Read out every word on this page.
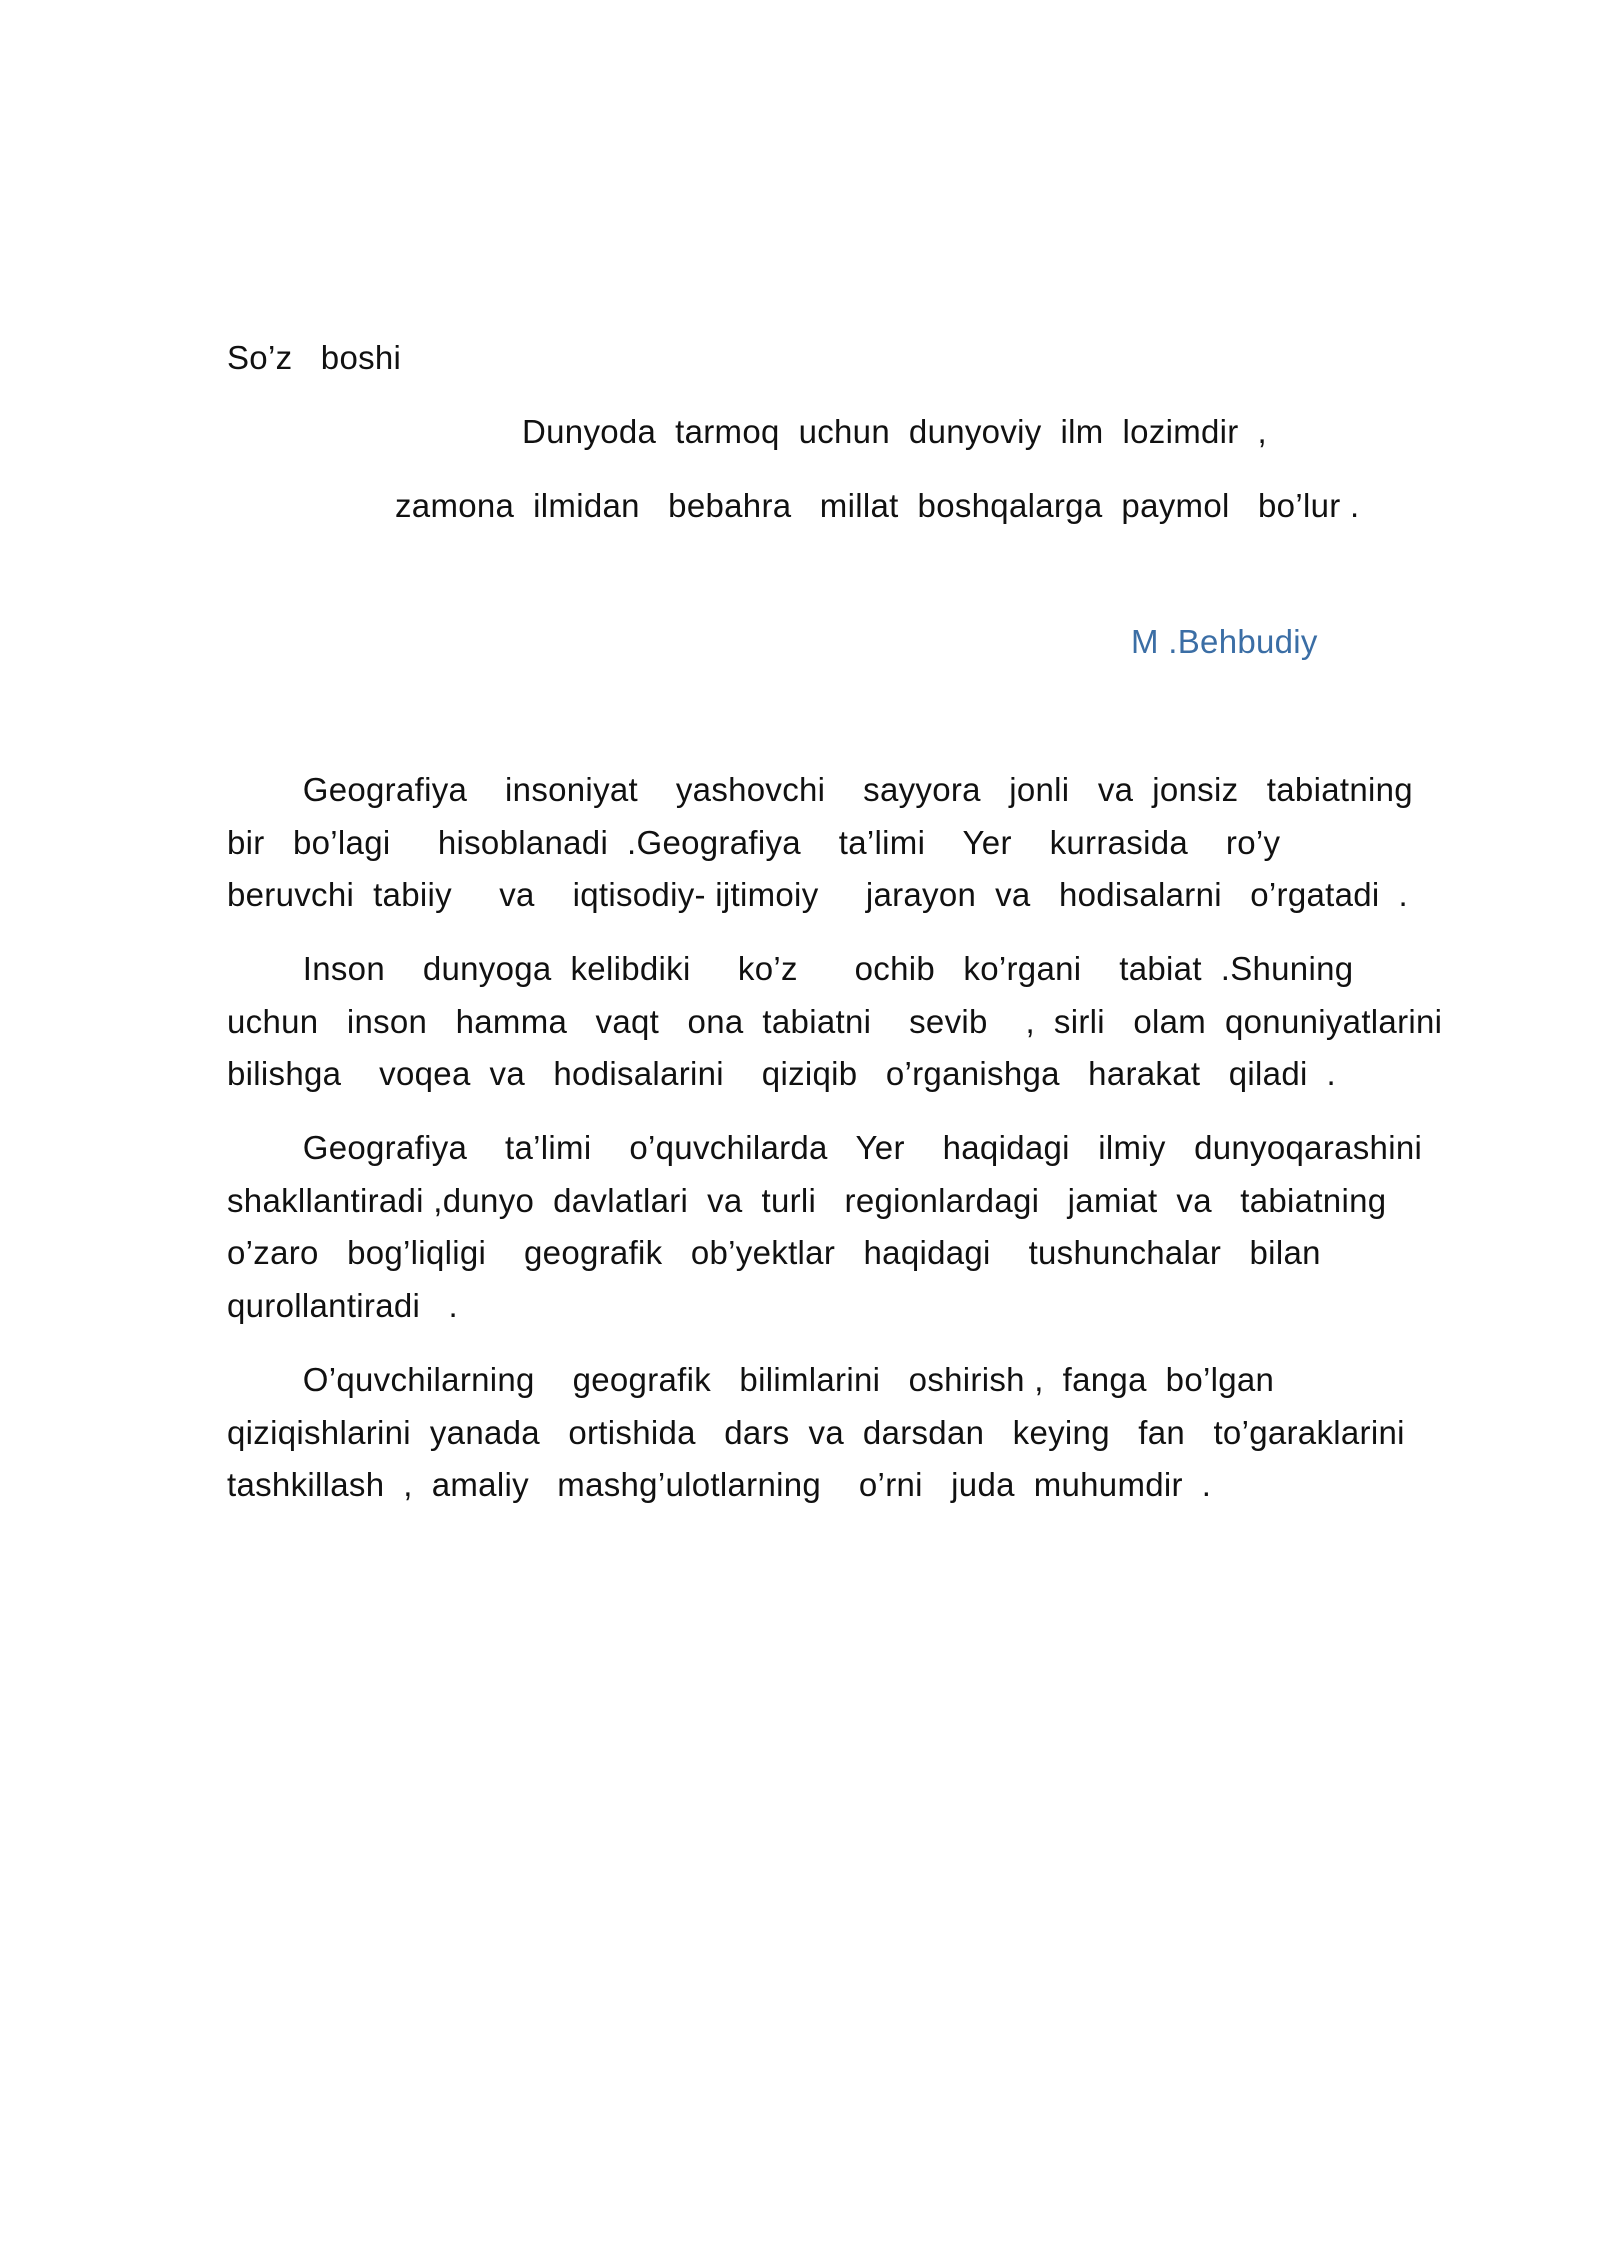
So’z   boshi
Dunyoda  tarmoq  uchun  dunyoviy  ilm  lozimdir  ,
zamona  ilmidan   bebahra   millat  boshqalarga  paymol   bo’lur .
M .Behbudiy
Geografiya    insoniyat    yashovchi    sayyora   jonli   va  jonsiz   tabiatning
bir   bo’lagi     hisoblanadi  .Geografiya    ta’limi    Yer    kurrasida    ro’y
beruvchi  tabiiy     va    iqtisodiy- ijtimoiy     jarayon  va   hodisalarni   o’rgatadi  .
Inson    dunyoga  kelibdiki     ko’z      ochib   ko’rgani    tabiat  .Shuning
uchun   inson   hamma   vaqt   ona  tabiatni    sevib    ,  sirli   olam  qonuniyatlarini
bilishga    voqea  va   hodisalarini    qiziqib   o’rganishga   harakat   qiladi  .
Geografiya    ta’limi    o’quvchilarda   Yer    haqidagi   ilmiy   dunyoqarashini
shakllantiradi ,dunyo  davlatlari  va  turli   regionlardagi   jamiat  va   tabiatning
o’zaro   bog’liqligi    geografik   ob’yektlar   haqidagi    tushunchalar   bilan
qurollantiradi   .
O’quvchilarning    geografik   bilimlarini   oshirish ,  fanga  bo’lgan
qiziqishlarini  yanada   ortishida   dars  va  darsdan   keying   fan   to’garaklarini
tashkillash  ,  amaliy   mashg’ulotlarning    o’rni   juda  muhumdir  .
